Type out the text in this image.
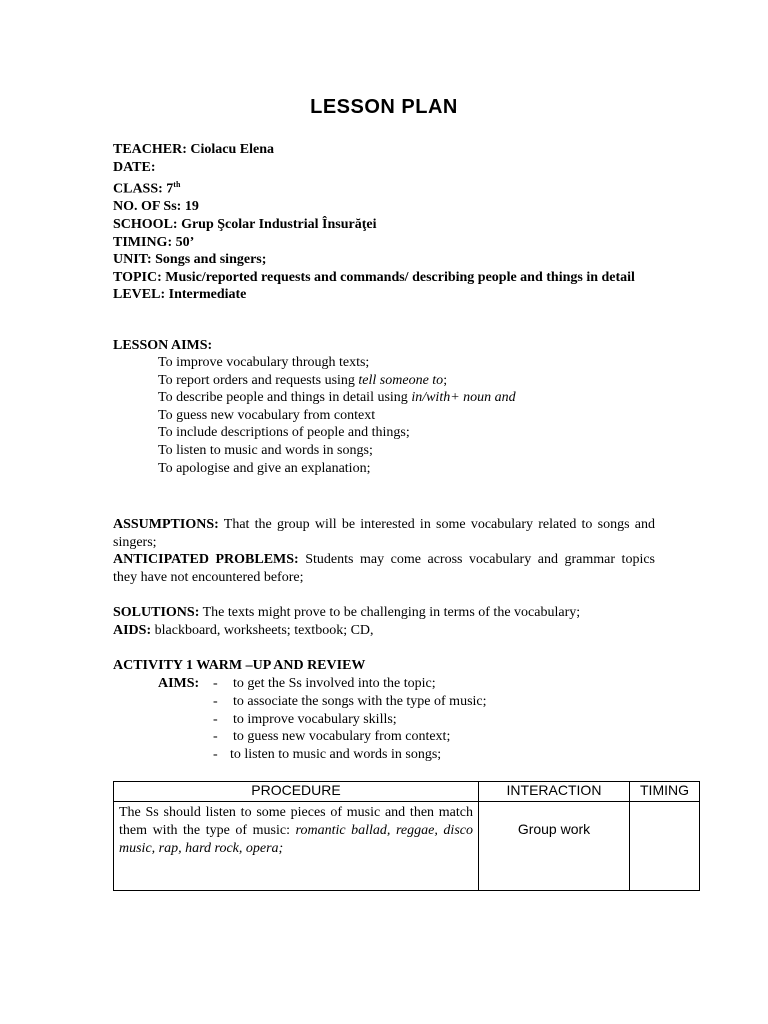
LESSON PLAN
TEACHER: Ciolacu Elena
DATE:
CLASS: 7th
NO. OF Ss: 19
SCHOOL: Grup Şcolar Industrial Însurăţei
TIMING: 50’
UNIT: Songs and singers;
TOPIC: Music/reported requests and commands/ describing people and things in detail
LEVEL: Intermediate
LESSON AIMS:
To improve vocabulary through texts;
To report orders and requests using tell someone to;
To describe people and things in detail using in/with+ noun and
To guess new vocabulary from context
To include descriptions of people and things;
To listen to music and words in songs;
To apologise and give an explanation;
ASSUMPTIONS: That the group will be interested in some vocabulary related to songs and singers;
ANTICIPATED PROBLEMS: Students may come across vocabulary and grammar topics they have not encountered before;
SOLUTIONS: The texts might prove to be challenging in terms of the vocabulary;
AIDS: blackboard, worksheets; textbook; CD,
ACTIVITY 1 WARM –UP AND REVIEW
AIMS: - to get the Ss involved into the topic;
- to associate the songs with the type of music;
- to improve vocabulary skills;
- to guess new vocabulary from context;
- to listen to music and words in songs;
PROCEDURE	INTERACTION	TIMING
The Ss should listen to some pieces of music and then match them with the type of music: romantic ballad, reggae, disco music, rap, hard rock, opera;	Group work	
